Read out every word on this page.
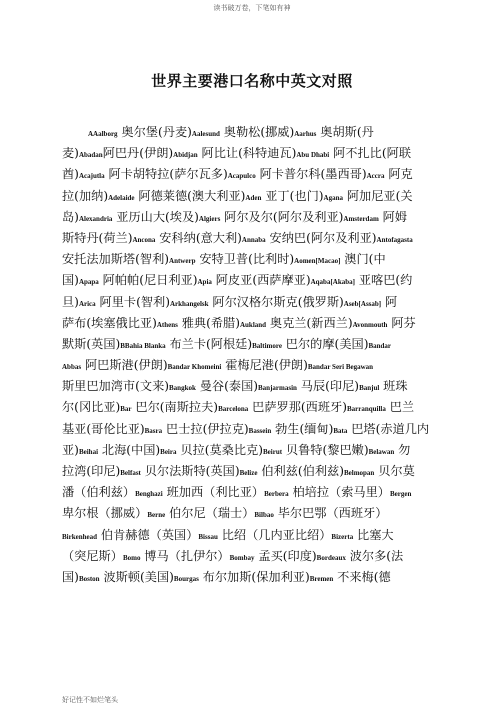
读书破万卷，下笔如有神
世界主要港口名称中英文对照
AAalborg 奥尔堡(丹麦)Aalesund 奥勒松(挪威)Aarhus 奥胡斯(丹
麦)Abadan阿巴丹(伊朗)Abidjan 阿比让(科特迪瓦)Abu Dhabi 阿不扎比(阿联
酋)Acajutla 阿卡胡特拉(萨尔瓦多)Acapulco 阿卡普尔科(墨西哥)Accra 阿克
拉(加纳)Adelaide 阿德莱德(澳大利亚)Aden 亚丁(也门)Agana 阿加尼亚(关
岛)Alexandria 亚历山大(埃及)Algiers 阿尔及尔(阿尔及利亚)Amsterdam 阿姆
斯特丹(荷兰)Ancona 安科纳(意大利)Annaba 安纳巴(阿尔及利亚)Antofagasta
安托法加斯塔(智利)Antwerp 安特卫普(比利时)Aomen[Macao] 澳门(中
国)Apapa 阿帕帕(尼日利亚)Apia 阿皮亚(西萨摩亚)Aqaba[Akaba] 亚喀巴(约
旦)Arica 阿里卡(智利)Arkhangelsk 阿尔汉格尔斯克(俄罗斯)Aseb[Assab] 阿
萨布(埃塞俄比亚)Athens 雅典(希腊)Aukland 奥克兰(新西兰)Avonmouth 阿芬
默斯(英国)BBahia Blanka 布兰卡(阿根廷)Baltimore 巴尔的摩(美国)Bandar
Abbas 阿巴斯港(伊朗)Bandar Khomeini 霍梅尼港(伊朗)Bandar Seri Begawan
斯里巴加湾市(文来)Bangkok 曼谷(泰国)Banjarmasin 马辰(印尼)Banjul 班珠
尔(冈比亚)Bar 巴尔(南斯拉夫)Barcelona 巴萨罗那(西班牙)Barranquilla 巴兰
基亚(哥伦比亚)Basra 巴士拉(伊拉克)Bassein 勃生(缅甸)Bata 巴塔(赤道几内
亚)Beihai 北海(中国)Beira 贝拉(莫桑比克)Beirut 贝鲁特(黎巴嫩)Belawan 勿
拉湾(印尼)Belfast 贝尔法斯特(英国)Belize 伯利兹(伯利兹)Belmopan 贝尔莫
潘（伯利兹）Benghazi 班加西（利比亚）Berbera 柏培拉（索马里）Bergen
卑尔根（挪威）Berne 伯尔尼（瑞士）Bilbao 毕尔巴鄂（西班牙）
Birkenhead 伯肯赫德（英国）Bissau 比绍（几内亚比绍）Bizerta 比塞大
（突尼斯）Bomo 博马（扎伊尔）Bombay 孟买(印度)Bordeaux 波尔多(法
国)Boston 波斯顿(美国)Bourgas 布尔加斯(保加利亚)Bremen 不来梅(德
好记性不如烂笔头
